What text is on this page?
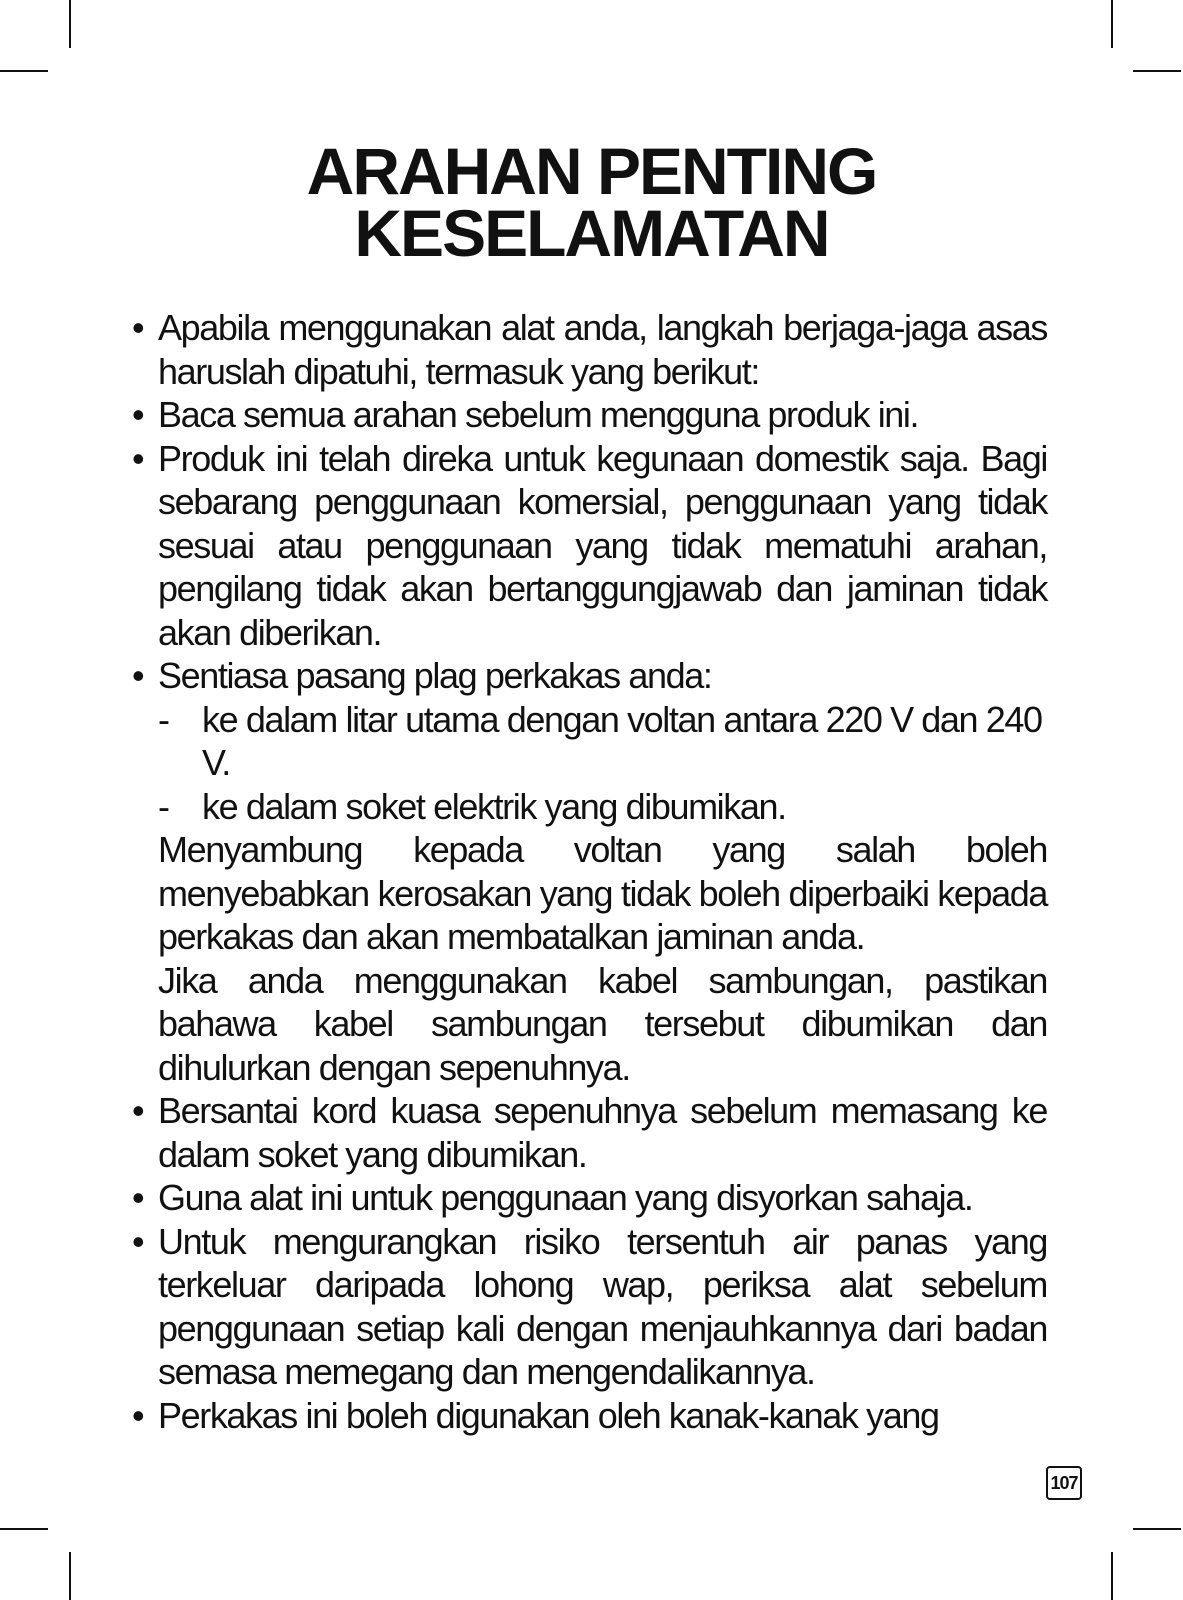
ARAHAN PENTING
KESELAMATAN
• Apabila menggunakan alat anda, langkah berjaga-jaga asas haruslah dipatuhi, termasuk yang berikut:
• Baca semua arahan sebelum mengguna produk ini.
• Produk ini telah direka untuk kegunaan domestik saja. Bagi sebarang penggunaan komersial, penggunaan yang tidak sesuai atau penggunaan yang tidak mematuhi arahan, pengilang tidak akan bertanggungjawab dan jaminan tidak akan diberikan.
• Sentiasa pasang plag perkakas anda:
- ke dalam litar utama dengan voltan antara 220 V dan 240 V.
- ke dalam soket elektrik yang dibumikan.
Menyambung kepada voltan yang salah boleh menyebabkan kerosakan yang tidak boleh diperbaiki kepada perkakas dan akan membatalkan jaminan anda.
Jika anda menggunakan kabel sambungan, pastikan bahawa kabel sambungan tersebut dibumikan dan dihulurkan dengan sepenuhnya.
• Bersantai kord kuasa sepenuhnya sebelum memasang ke dalam soket yang dibumikan.
• Guna alat ini untuk penggunaan yang disyorkan sahaja.
• Untuk mengurangkan risiko tersentuh air panas yang terkeluar daripada lohong wap, periksa alat sebelum penggunaan setiap kali dengan menjauhkannya dari badan semasa memegang dan mengendalikannya.
• Perkakas ini boleh digunakan oleh kanak-kanak yang
107
